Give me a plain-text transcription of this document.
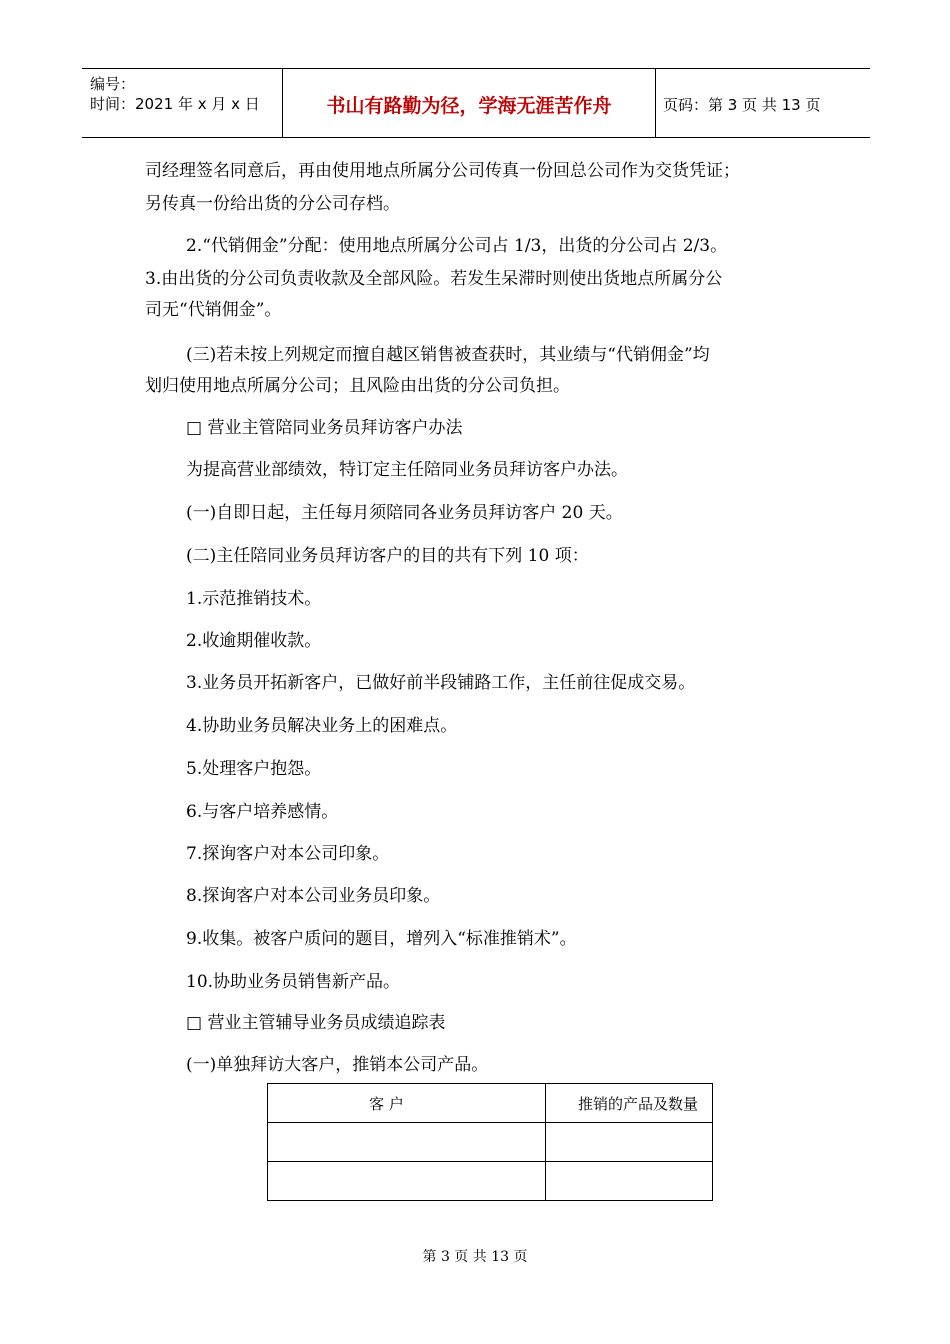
编号：
时间：2021 年 x 月 x 日	书山有路勤为径，学海无涯苦作舟	页码：第 3 页 共 13 页
司经理签名同意后，再由使用地点所属分公司传真一份回总公司作为交货凭证；
另传真一份给出货的分公司存档。
2.“代销佣金”分配：使用地点所属分公司占 1/3，出货的分公司占 2/3。
3.由出货的分公司负责收款及全部风险。若发生呆滞时则使出货地点所属分公
司无“代销佣金”。
(三)若未按上列规定而擅自越区销售被查获时，其业绩与“代销佣金”均
划归使用地点所属分公司；且风险由出货的分公司负担。
□ 营业主管陪同业务员拜访客户办法
为提高营业部绩效，特订定主任陪同业务员拜访客户办法。
(一)自即日起，主任每月须陪同各业务员拜访客户 20 天。
(二)主任陪同业务员拜访客户的目的共有下列 10 项：
1.示范推销技术。
2.收逾期催收款。
3.业务员开拓新客户，已做好前半段铺路工作，主任前往促成交易。
4.协助业务员解决业务上的困难点。
5.处理客户抱怨。
6.与客户培养感情。
7.探询客户对本公司印象。
8.探询客户对本公司业务员印象。
9.收集。被客户质问的题目，增列入“标准推销术”。
10.协助业务员销售新产品。
□ 营业主管辅导业务员成绩追踪表
(一)单独拜访大客户，推销本公司产品。
客 户	推销的产品及数量

第 3 页 共 13 页
